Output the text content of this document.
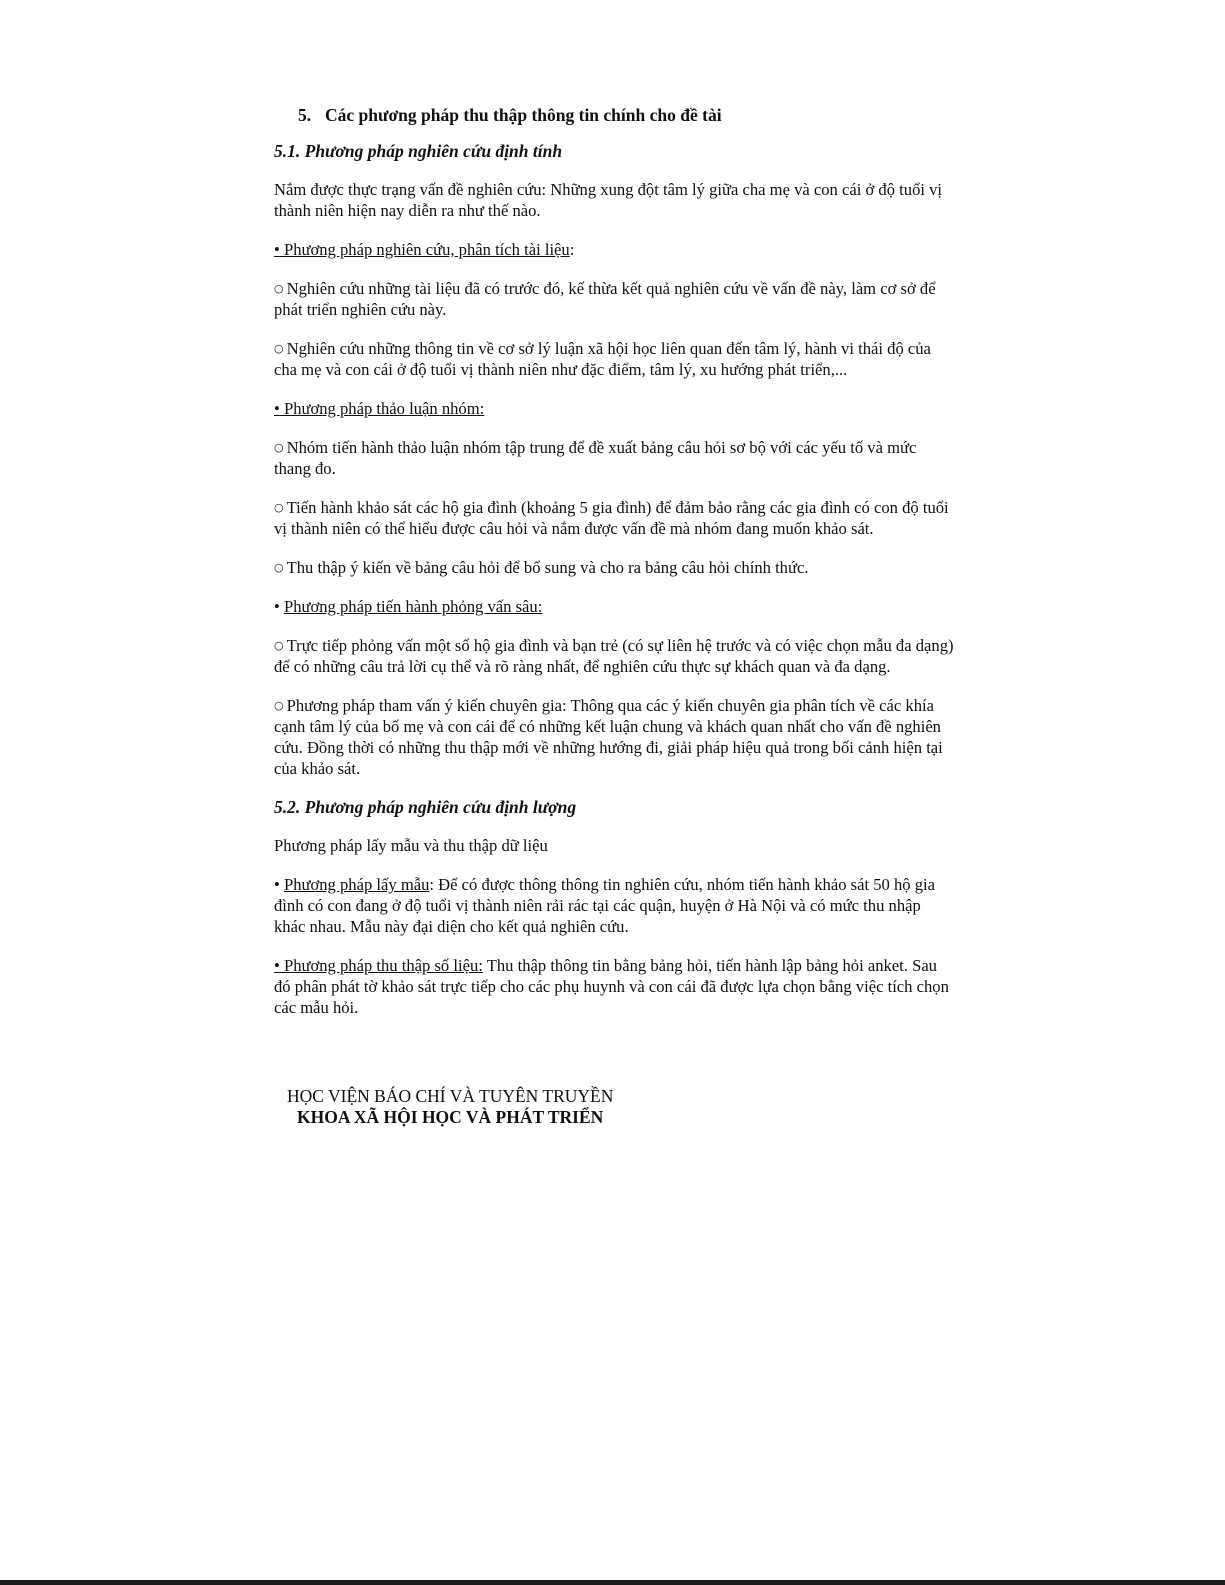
5. Các phương pháp thu thập thông tin chính cho đề tài
5.1. Phương pháp nghiên cứu định tính

Nắm được thực trạng vấn đề nghiên cứu: Những xung đột tâm lý giữa cha mẹ và con cái ở độ tuổi vị thành niên hiện nay diễn ra như thế nào.

• Phương pháp nghiên cứu, phân tích tài liệu:

○ Nghiên cứu những tài liệu đã có trước đó, kế thừa kết quả nghiên cứu về vấn đề này, làm cơ sở để phát triển nghiên cứu này.

○ Nghiên cứu những thông tin về cơ sở lý luận xã hội học liên quan đến tâm lý, hành vi thái độ của cha mẹ và con cái ở độ tuổi vị thành niên như đặc điểm, tâm lý, xu hướng phát triển,...

• Phương pháp thảo luận nhóm:

○ Nhóm tiến hành thảo luận nhóm tập trung để đề xuất bảng câu hỏi sơ bộ với các yếu tố và mức thang đo.

○ Tiến hành khảo sát các hộ gia đình (khoảng 5 gia đình) để đảm bảo rằng các gia đình có con độ tuổi vị thành niên có thể hiểu được câu hỏi và nắm được vấn đề mà nhóm đang muốn khảo sát.

○ Thu thập ý kiến về bảng câu hỏi để bổ sung và cho ra bảng câu hỏi chính thức.

• Phương pháp tiến hành phỏng vấn sâu:

○ Trực tiếp phỏng vấn một số hộ gia đình và bạn trẻ (có sự liên hệ trước và có việc chọn mẫu đa dạng) để có những câu trả lời cụ thể và rõ ràng nhất, để nghiên cứu thực sự khách quan và đa dạng.

○ Phương pháp tham vấn ý kiến chuyên gia: Thông qua các ý kiến chuyên gia phân tích về các khía cạnh tâm lý của bố mẹ và con cái để có những kết luận chung và khách quan nhất cho vấn đề nghiên cứu. Đồng thời có những thu thập mới về những hướng đi, giải pháp hiệu quả trong bối cảnh hiện tại của khảo sát.

5.2. Phương pháp nghiên cứu định lượng

Phương pháp lấy mẫu và thu thập dữ liệu

• Phương pháp lấy mẫu: Để có được thông thông tin nghiên cứu, nhóm tiến hành khảo sát 50 hộ gia đình có con đang ở độ tuổi vị thành niên rải rác tại các quận, huyện ở Hà Nội và có mức thu nhập khác nhau. Mẫu này đại diện cho kết quả nghiên cứu.

• Phương pháp thu thập số liệu: Thu thập thông tin bằng bảng hỏi, tiến hành lập bảng hỏi anket. Sau đó phân phát tờ khảo sát trực tiếp cho các phụ huynh và con cái đã được lựa chọn bằng việc tích chọn các mẫu hỏi.

HỌC VIỆN BÁO CHÍ VÀ TUYÊN TRUYỀN
KHOA XÃ HỘI HỌC VÀ PHÁT TRIỂN
